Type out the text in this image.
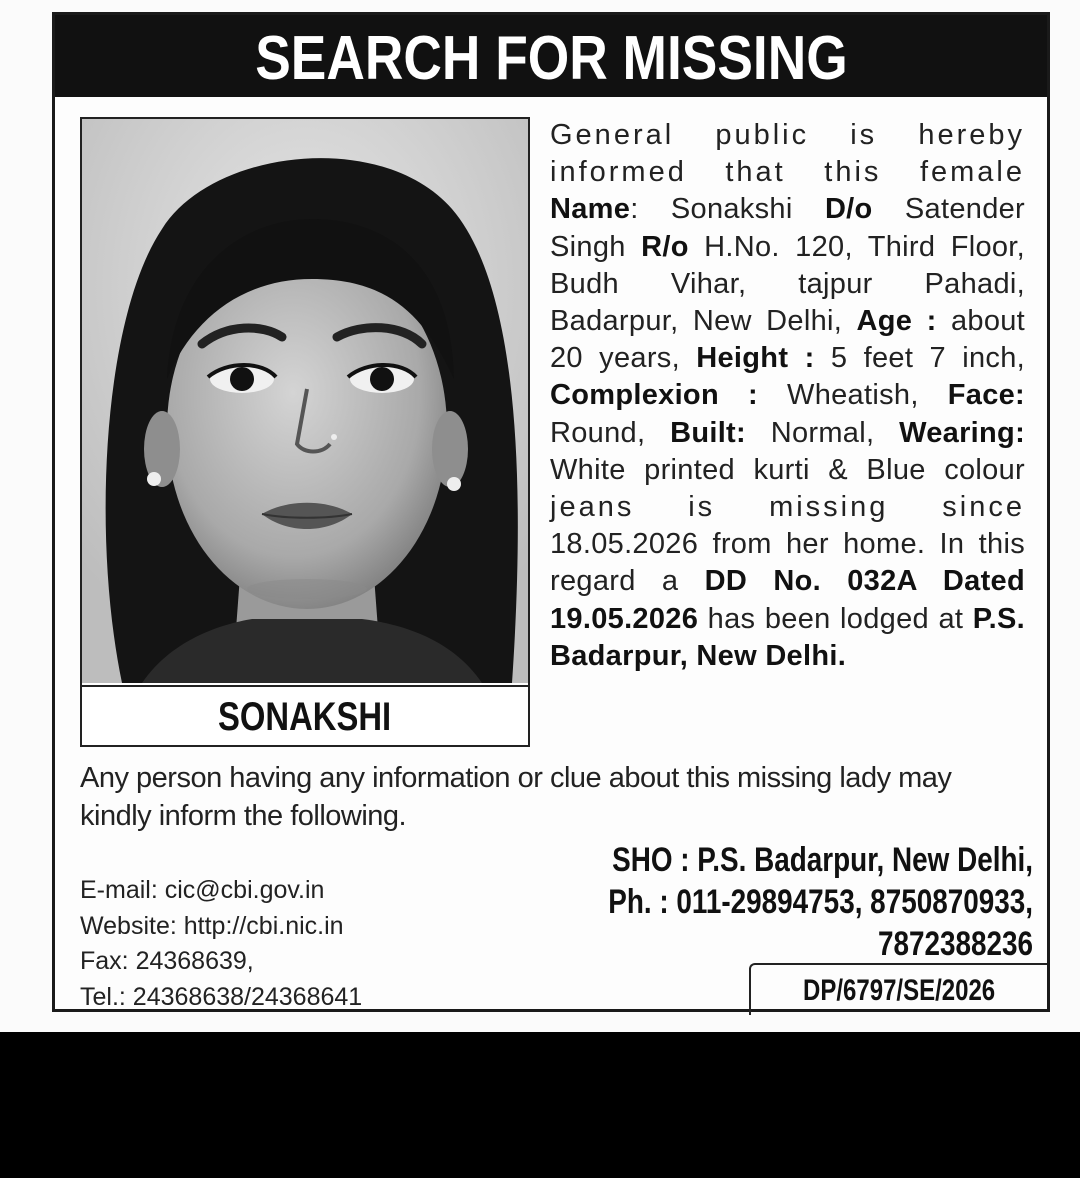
SEARCH FOR MISSING
SONAKSHI
General public is hereby informed that this female Name: Sonakshi D/o Satender Singh R/o H.No. 120, Third Floor, Budh Vihar, tajpur Pahadi, Badarpur, New Delhi, Age : about 20 years, Height : 5 feet 7 inch, Complexion : Wheatish, Face: Round, Built: Normal, Wearing: White printed kurti & Blue colour jeans is missing since 18.05.2026 from her home. In this regard a DD No. 032A Dated 19.05.2026 has been lodged at P.S. Badarpur, New Delhi.
Any person having any information or clue about this missing lady may kindly inform the following.
E-mail: cic@cbi.gov.in
Website: http://cbi.nic.in
Fax: 24368639,
Tel.: 24368638/24368641
SHO : P.S. Badarpur, New Delhi,
Ph. : 011-29894753, 8750870933,
7872388236
DP/6797/SE/2026
